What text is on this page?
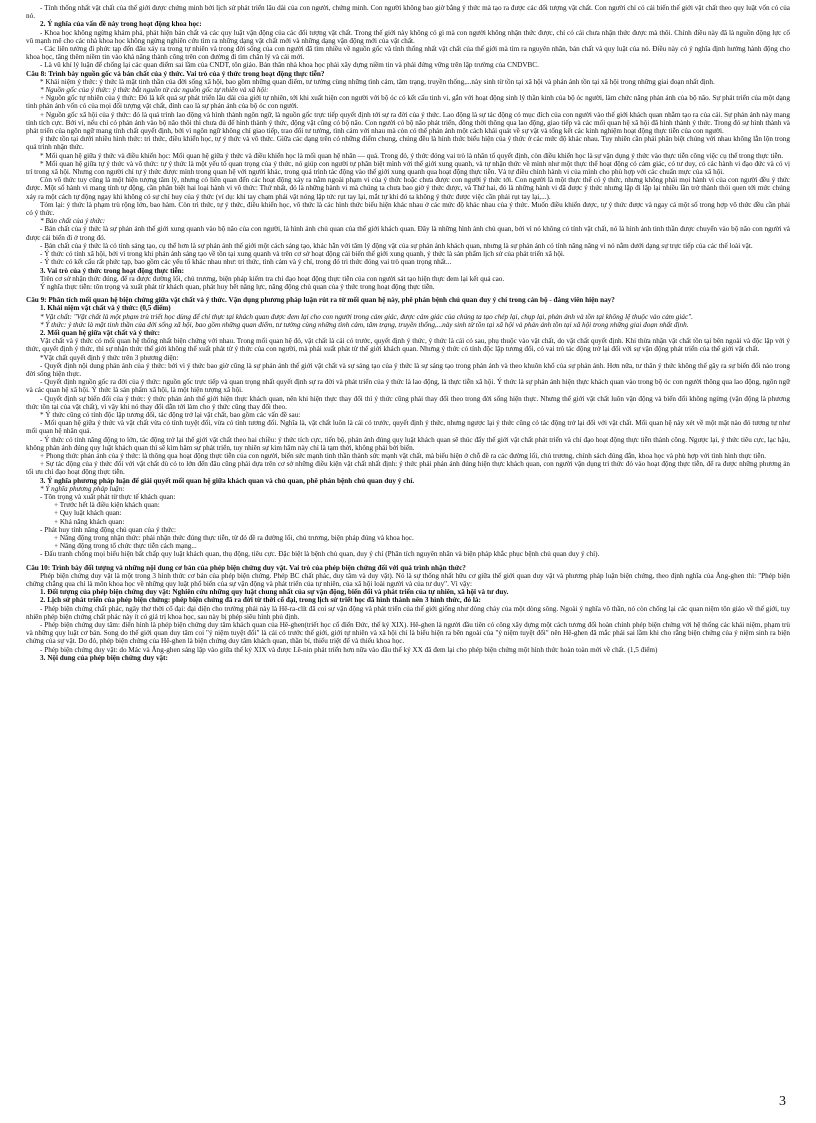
- Tính thống nhất vật chất của thế giới được chứng minh bởi lịch sử phát triển lâu dài của con người, chứng minh. Con người không bao giờ bằng ý thức mà tạo ra được các đối tượng vật chất. Con người chỉ có cải biến thế giới vật chất theo quy luật vốn có của nó.

2. Ý nghĩa của vấn đề này trong hoạt động khoa học:

- Khoa học không ngừng khám phá, phát hiện bản chất và các quy luật vận động của các đối tượng vật chất. Trong thế giới này không có gì mà con người không nhận thức được, chỉ có cái chưa nhận thức được mà thôi. Chính điều này đã là nguồn động lực cổ vũ mạnh mẽ cho các nhà khoa học không ngừng nghiên cứu tìm ra những dạng vật chất mới và những dạng vận động mới của vật chất.

- Các liên tưởng đi phức tạp đến đâu xảy ra trong tự nhiên và trong đời sống của con người đã tìm nhiều về nguồn gốc và tính thống nhất vật chất của thế giới mà tìm ra nguyên nhân, bản chất và quy luật của nó. Điều này có ý nghĩa định hướng hành động cho khoa học, tăng thêm niềm tin vào khả năng thành công trên con đường đi tìm chân lý và cải mới.

- Là vũ khí lý luận để chống lại các quan điểm sai lầm của CNDT, tôn giáo. Bản thân nhà khoa học phải xây dựng niềm tin và phải đứng vững trên lập trường của CNDVBC.

Câu 8: Trình bày nguồn gốc và bản chất của ý thức. Vai trò của ý thức trong hoạt động thực tiễn?

* Khái niệm ý thức: ý thức là mặt tinh thần của đời sống xã hội, bao gồm những quan điểm, tư tưởng cùng những tình cảm, tâm trạng, truyền thống,...này sinh từ tồn tại xã hội và phản ánh tồn tại xã hội trong những giai đoạn nhất định.

* Nguồn gốc của ý thức: ý thức bắt nguồn từ các nguồn gốc tự nhiên và xã hội:

+ Nguồn gốc tự nhiên của ý thức: Đó là kết quả sự phát triển lâu dài của giới tự nhiên, tới khi xuất hiện con người với bộ óc có kết cấu tinh vi, gắn với hoạt động sinh lý thần kinh của bộ óc người, làm chức năng phản ánh của bộ não. Sự phát triển của một dạng tinh phản ánh vốn có của mọi đối tượng vật chất, đỉnh cao là sự phản ánh của bộ óc con người.

+ Nguồn gốc xã hội của ý thức: đó là quá trình lao động và hình thành ngôn ngữ, là nguồn gốc trực tiếp quyết định tới sự ra đời của ý thức. Lao động là sự tác động có mục đích của con người vào thế giới khách quan nhằm tạo ra của cải. Sự phản ánh này mang tính tích cực. Bởi vì, nếu chỉ có phản ánh vào bộ não thôi thì chưa đủ để hình thành ý thức, động vật cũng có bộ não. Con người có bộ não phát triển, đồng thời thông qua lao động, giao tiếp và các mối quan hệ xã hội đã hình thành ý thức. Trong đó sự hình thành và phát triển của ngôn ngữ mang tính chất quyết định, bởi vì ngôn ngữ không chỉ giao tiếp, trao đổi tư tưởng, tình cảm với nhau mà còn có thể phản ánh một cách khái quát về sự vật và tổng kết các kinh nghiệm hoạt động thực tiễn của con người.

ý thức tồn tại dưới nhiều hình thức: tri thức, điều khiển học, tự ý thức và vô thức. Giữa các dạng trên có những điểm chung, chúng đều là hình thức biểu hiện của ý thức ở các mức độ khác nhau. Tuy nhiên cần phải phân biệt chúng với nhau không lẫn lộn trong quá trình nhận thức.

* Mối quan hệ giữa ý thức và điều khiển học: Mối quan hệ giữa ý thức và điều khiển học là mối quan hệ nhân — quả. Trong đó, ý thức đóng vai trò là nhân tố quyết định, còn điều khiển học là sự vận dụng ý thức vào thực tiễn công việc cụ thể trong thực tiễn.

* Mối quan hệ giữa tự ý thức và vô thức: tự ý thức là một yếu tố quan trọng của ý thức, nó giúp con người tự phân biệt mình với thế giới xung quanh, và tự nhận thức về mình như một thực thể hoạt động có cảm giác, có tư duy, có các hành vi đạo đức và có vị trí trong xã hội. Nhưng con người chỉ tự ý thức được mình trong quan hệ với người khác, trong quá trình tác động vào thế giới xung quanh qua hoạt động thực tiễn. Và tự điều chỉnh hành vi của mình cho phù hợp với các chuẩn mực của xã hội.

Còn vô thức tuy cũng là một hiện tượng tâm lý, nhưng có liên quan đến các hoạt động xảy ra nằm ngoài phạm vi của ý thức hoặc chưa được con người ý thức tới. Con người là một thực thể có ý thức, nhưng không phải mọi hành vi của con người đều ý thức được. Một số hành vi mang tính tự động, cần phân biệt hai loại hành vi vô thức: Thứ nhất, đó là những hành vi mà chúng ta chưa bao giờ ý thức được, và Thứ hai, đó là những hành vi đã được ý thức nhưng lặp đi lặp lại nhiều lần trở thành thói quen tới mức chúng xảy ra một cách tự động ngay khi không có sự chỉ huy của ý thức (ví dụ: khi tay chạm phải vật nóng lập tức rụt tay lại, mắt tự khi đó ta không ý thức được việc cần phải rụt tay lại,...).

Tóm lại: ý thức là phạm trù rộng lớn, bao hàm. Còn tri thức, tự ý thức, điều khiển học, vô thức là các hình thức biểu hiện khác nhau ở các mức độ khác nhau của ý thức. Muốn điều khiển được, tự ý thức được và ngay cả một số trong hợp vô thức đều cần phải có ý thức.

* Bản chất của ý thức:

- Bản chất của ý thức là sự phản ánh thế giới xung quanh vào bộ não của con người, là hình ảnh chủ quan của thế giới khách quan. Đây là những hình ảnh chủ quan, bởi vì nó không có tính vật chất, nó là hình ảnh tinh thần được chuyển vào bộ não con người và được cải biến đi ở trong đó.

- Bản chất của ý thức là có tính sáng tạo, cụ thể hơn là sự phản ánh thế giới một cách sáng tạo, khác hẳn với tâm lý động vật của sự phản ánh khách quan, nhưng là sự phản ánh có tính năng năng vì nó nằm dưới dạng sự trực tiếp của các thế loài vật.

- Ý thức có tính xã hội, bởi vì trong khi phản ánh sáng tạo về tồn tại xung quanh và trên cơ sở hoạt động cải biến thế giới xung quanh, ý thức là sản phẩm lịch sử của phát triển xã hội.

- Ý thức có kết cấu rất phức tạp, bao gồm các yếu tố khác nhau như: tri thức, tình cảm và ý chí, trong đó tri thức đóng vai trò quan trọng nhất...

3. Vai trò của ý thức trong hoạt động thực tiễn:

Trên cơ sở nhận thức đúng, để ra được đường lối, chủ trương, biện pháp kiểm tra chỉ đạo hoạt động thực tiễn của con người sát tạo hiện thực đem lại kết quả cao.

Ý nghĩa thực tiễn: tôn trọng và xuất phát từ khách quan, phát huy hết năng lực, năng động chủ quan của ý thức trong hoạt động thực tiễn.

Câu 9: Phân tích mối quan hệ biện chứng giữa vật chất và ý thức. Vận dụng phương pháp luận rút ra từ mối quan hệ này, phê phán bệnh chủ quan duy ý chí trong cán bộ - đảng viên hiện nay?

1. Khái niệm vật chất và ý thức: (0,5 điểm)

* Vật chất: "Vật chất là một phạm trù triết học dùng để chỉ thực tại khách quan được đem lại cho con người trong cảm giác, được cảm giác của chúng ta tạo chép lại, chụp lại, phản ánh và tồn tại không lệ thuộc vào cảm giác".

* Ý thức: ý thức là mặt tinh thần của đời sống xã hội, bao gồm những quan điểm, tư tưởng cùng những tình cảm, tâm trạng, truyền thống,...này sinh từ tồn tại xã hội và phản ánh tồn tại xã hội trong những giai đoạn nhất định.

2. Mối quan hệ giữa vật chất và ý thức:

Vật chất và ý thức có mối quan hệ thống nhất biện chứng với nhau. Trong mối quan hệ đó, vật chất là cái có trước, quyết định ý thức, ý thức là cái có sau, phụ thuộc vào vật chất, do vật chất quyết định. Khi thừa nhận vật chất tồn tại bên ngoài và độc lập với ý thức, quyết định ý thức, thì sự nhận thức thế giới không thể xuất phát từ ý thức của con người, mà phải xuất phát từ thế giới khách quan. Nhưng ý thức có tính độc lập tương đối, có vai trò tác động trở lại đối với sự vận động phát triển của thế giới vật chất.

*Vật chất quyết định ý thức trên 3 phương diện:

- Quyết định nội dung phản ánh của ý thức: bởi vì ý thức bao giờ cũng là sự phản ánh thế giới vật chất và sự sáng tạo của ý thức là sự sáng tạo trong phản ánh và theo khuôn khổ của sự phản ánh. Hơn nữa, tư thân ý thức không thể gây ra sự biến đổi nào trong đời sống hiện thực.

- Quyết định nguồn gốc ra đời của ý thức: nguồn gốc trực tiếp và quan trọng nhất quyết định sự ra đời và phát triển của ý thức là lao động, là thực tiễn xã hội. Ý thức là sự phản ánh hiện thực khách quan vào trong bộ óc con người thông qua lao động, ngôn ngữ và các quan hệ xã hội. Ý thức là sản phẩm xã hội, là một hiện tượng xã hội.

- Quyết định sự biến đổi của ý thức: ý thức phản ánh thế giới hiện thực khách quan, nên khi hiện thực thay đổi thì ý thức cũng phải thay đổi theo trong đời sống hiện thực. Nhưng thế giới vật chất luôn vận động và biến đổi không ngừng (vận động là phương thức tồn tại của vật chất), vì vậy khi nó thay đổi dẫn tới làm cho ý thức cũng thay đổi theo.

* Ý thức cũng có tính độc lập tương đối, tác động trở lại vật chất, bao gồm các vấn đề sau:

- Mối quan hệ giữa ý thức và vật chất vừa có tính tuyệt đối, vừa có tính tương đối. Nghĩa là, vật chất luôn là cái có trước, quyết định ý thức, nhưng ngược lại ý thức cũng có tác động trở lại đối với vật chất. Mối quan hệ này xét về một mặt nào đó tương tự như mối quan hệ nhân quả.

- Ý thức có tính năng động to lớn, tác động trở lại thế giới vật chất theo hai chiều: ý thức tích cực, tiến bộ, phản ánh đúng quy luật khách quan sẽ thúc đẩy thế giới vật chất phát triển và chỉ đạo hoạt động thực tiễn thành công. Ngược lại, ý thức tiêu cực, lạc hậu, không phản ánh đúng quy luật khách quan thì sẽ kìm hãm sự phát triển, tuy nhiên sự kìm hãm này chỉ là tạm thời, không phải bởi biến.

+ Phong thức phản ánh của ý thức: là thông qua hoạt động thực tiễn của con người, biến sức mạnh tinh thần thành sức mạnh vật chất, mà biểu hiện ở chỗ đề ra các đường lối, chủ trương, chính sách đúng đắn, khoa học và phù hợp với tình hình thực tiễn.

+ Sự tác động của ý thức đối với vật chất dù có to lớn đến đâu cũng phải dựa trên cơ sở những điều kiện vật chất nhất định: ý thức phải phản ánh đúng hiện thực khách quan, con người vận dụng tri thức đó vào hoạt động thực tiễn, để ra được những phương án tối ưu chỉ đạo hoạt động thực tiễn.

3. Ý nghĩa phương pháp luận để giải quyết mối quan hệ giữa khách quan và chủ quan, phê phán bệnh chủ quan duy ý chí.

* Ý nghĩa phương pháp luận:

- Tôn trọng và xuất phát từ thực tế khách quan:

+ Trước hết là điều kiện khách quan:

+ Quy luật khách quan:

+ Khả năng khách quan:

- Phát huy tính năng động chủ quan của ý thức:

+ Nâng động trong nhận thức: phải nhận thức đúng thực tiễn, từ đó đề ra đường lối, chủ trương, biện pháp đúng và khoa học.

+ Năng động trong tổ chức thực tiễn cách mạng...

- Đấu tranh chống mọi biểu hiện bất chấp quy luật khách quan, thụ động, tiêu cực. Đặc biệt là bệnh chủ quan, duy ý chí (Phân tích nguyên nhân và biện pháp khắc phục bệnh chủ quan duy ý chí).

Câu 10: Trình bày đối tượng và những nội dung cơ bản của phép biện chứng duy vật. Vai trò của phép biện chứng đối với quá trình nhận thức?

Phép biện chứng duy vật là một trong 3 hình thức cơ bản của phép biện chứng. Phép BC chất phác, duy tâm và duy vật). Nó là sự thống nhất hữu cơ giữa thế giới quan duy vật và phương pháp luận biện chứng, theo định nghĩa của Ăng-ghen thì: "Phép biện chứng chẳng qua chỉ là môn khoa học về những quy luật phổ biến của sự vận động và phát triển của tự nhiên, của xã hội loài người và của tư duy". Vì vậy:

1. Đối tượng của phép biện chứng duy vật: Nghiên cứu những quy luật chung nhất của sự vận động, biến đổi và phát triển của tự nhiên, xã hội và tư duy.

2. Lịch sử phát triển của phép biện chứng: phép biện chứng đã ra đời từ thời cổ đại, trong lịch sử triết học đã hình thành nên 3 hình thức, đó là:

- Phép biện chứng chất phác, ngây thơ thời cổ đại: đại diện cho trường phái này là Hê-ra-clít đã coi sự vận động và phát triển của thế giới giống như dòng chảy của một dòng sông. Ngoài ý nghĩa vô thần, nó còn chống lại các quan niệm tôn giáo về thế giới, tuy nhiên phép biện chứng chất phác này ít có giá trị khoa học, sau này bị phép siêu hình phủ định.

- Phép biện chứng duy tâm: điển hình là phép biện chứng duy tâm khách quan của Hê-ghen(triết học cổ điển Đức, thế kỷ XIX). Hê-ghen là người đầu tiên có công xây dựng một cách tương đối hoàn chỉnh phép biện chứng với hệ thống các khái niệm, phạm trù và những quy luật cơ bản. Song do thế giới quan duy tâm coi "ý niệm tuyệt đối" là cái có trước thế giới, giới tự nhiên và xã hội chỉ là biểu hiện ra bên ngoài của "ý niệm tuyệt đối" nên Hê-ghen đã mắc phải sai lầm khi cho rằng biện chứng của ý niệm sinh ra biện chứng của sự vật. Do đó, phép biện chứng của Hê-ghen là biện chứng duy tâm khách quan, thần bí, thiếu triệt để và thiếu khoa học.

- Phép biện chứng duy vật: do Mác và Ăng-ghen sáng lập vào giữa thế kỷ XIX và được Lê-nin phát triển hơn nữa vào đầu thế kỷ XX đã đem lại cho phép biện chứng một hình thức hoàn toàn mới về chất. (1,5 điểm)

3. Nội dung của phép biện chứng duy vật:

3
